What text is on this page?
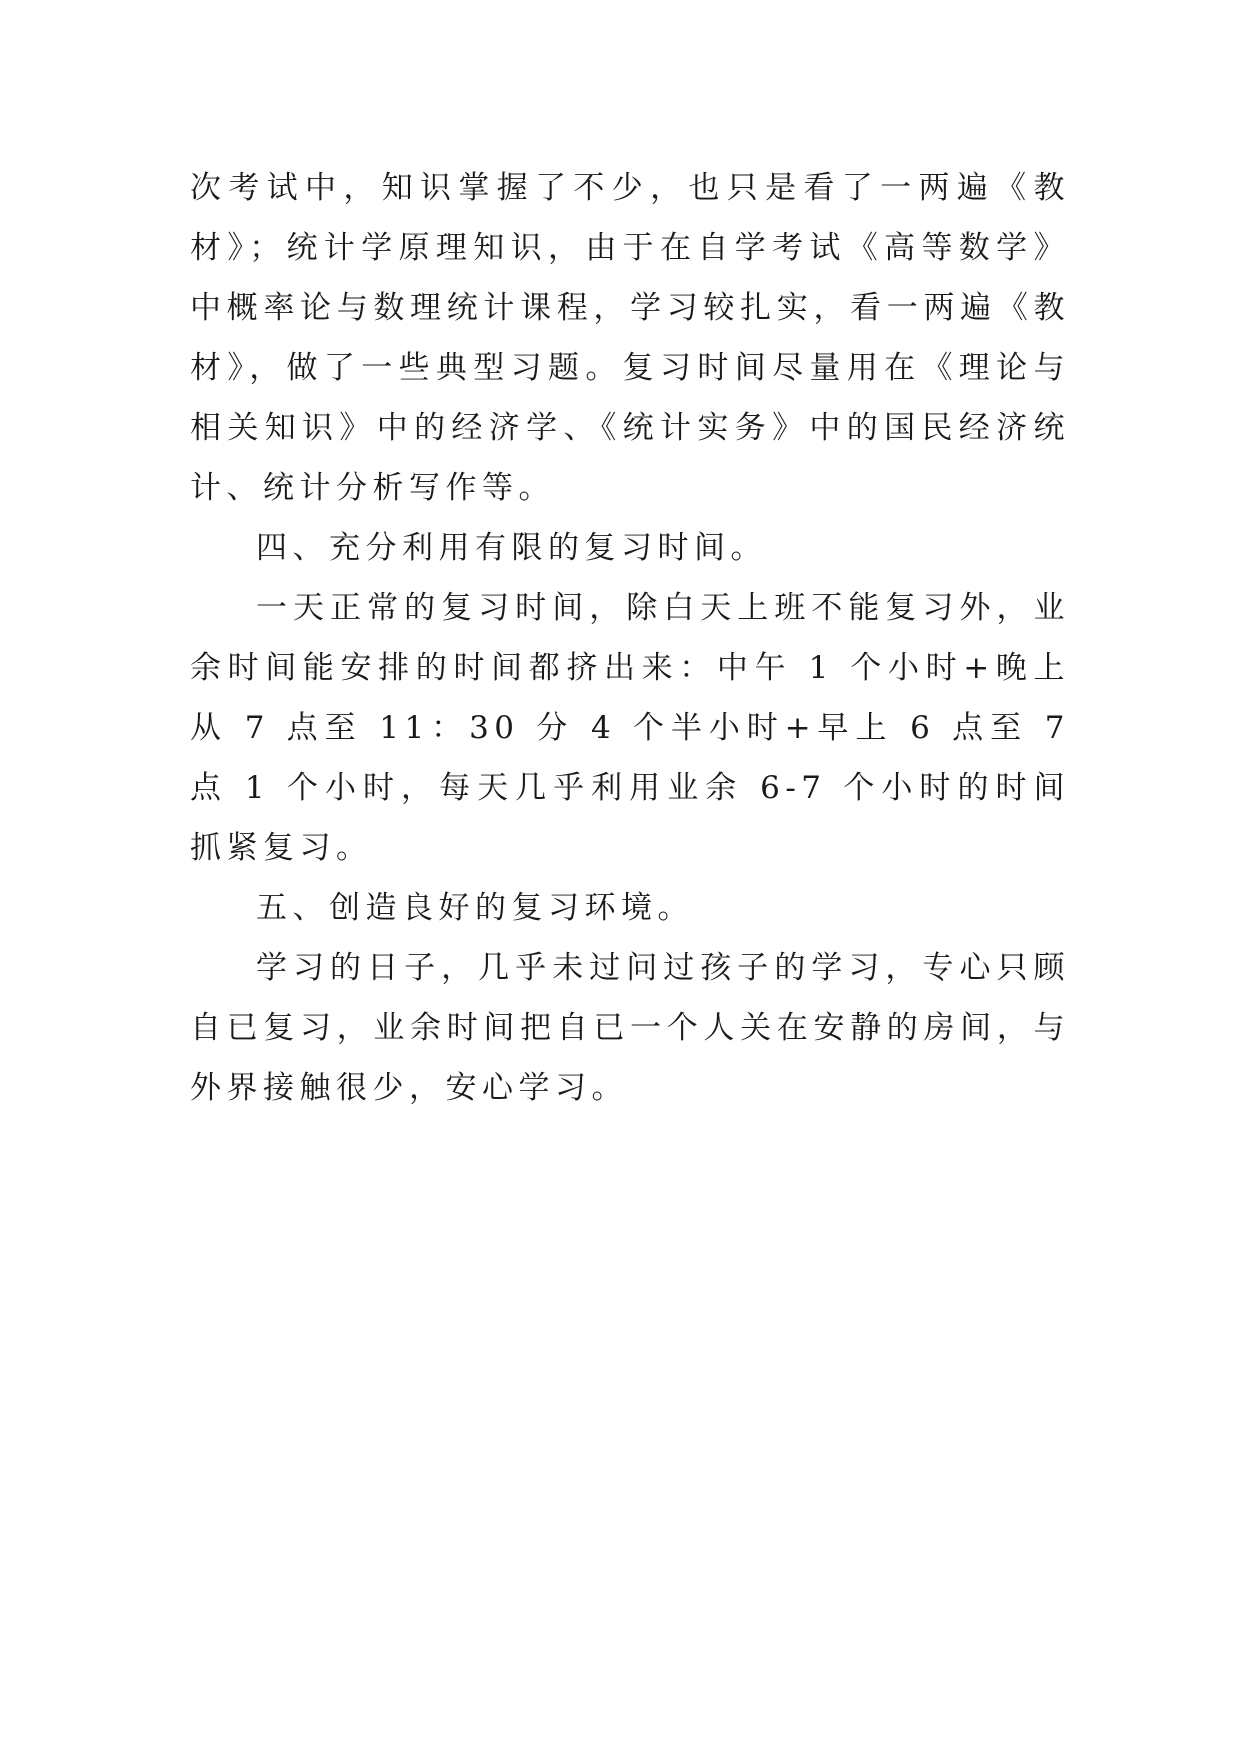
次考试中，知识掌握了不少，也只是看了一两遍《教材》；统计学原理知识，由于在自学考试《高等数学》中概率论与数理统计课程，学习较扎实，看一两遍《教材》，做了一些典型习题。复习时间尽量用在《理论与相关知识》中的经济学、《统计实务》中的国民经济统计、统计分析写作等。

四、充分利用有限的复习时间。

一天正常的复习时间，除白天上班不能复习外，业余时间能安排的时间都挤出来：中午 1 个小时+晚上从 7 点至 11：30 分 4 个半小时+早上 6 点至 7 点 1 个小时，每天几乎利用业余 6-7 个小时的时间抓紧复习。

五、创造良好的复习环境。

学习的日子，几乎未过问过孩子的学习，专心只顾自已复习，业余时间把自已一个人关在安静的房间，与外界接触很少，安心学习。
